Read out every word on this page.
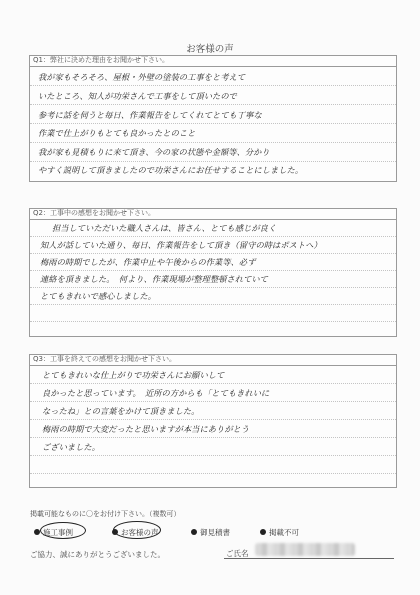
お客様の声
Q1：弊社に決めた理由をお聞かせ下さい。
我が家もそろそろ、屋根・外壁の塗装の工事をと考えて
いたところ、知人が功栄さんで工事をして頂いたので
参考に話を伺うと毎日、作業報告をしてくれてとても丁寧な
作業で仕上がりもとても良かったとのこと
我が家も見積もりに来て頂き、今の家の状態や金額等、分かり
やすく説明して頂きましたので功栄さんにお任せすることにしました。
Q2：工事中の感想をお聞かせ下さい。
担当していただいた職人さんは、皆さん、とても感じが良く
知人が話していた通り、毎日、作業報告をして頂き（留守の時はポストへ）
梅雨の時期でしたが、作業中止や午後からの作業等、必ず
連絡を頂きました。　何より、作業現場が整理整頓されていて
とてもきれいで感心しました。
Q3：工事を終えての感想をお聞かせ下さい。
とてもきれいな仕上がりで功栄さんにお願いして
良かったと思っています。　近所の方からも「とてもきれいに
なったね」との言葉をかけて頂きました。
梅雨の時期で大変だったと思いますが本当にありがとう
ございました。
掲載可能なものに〇をお付け下さい。（複数可）
施工事例	お客様の声	御見積書	掲載不可
ご協力、誠にありがとうございました。	ご氏名
